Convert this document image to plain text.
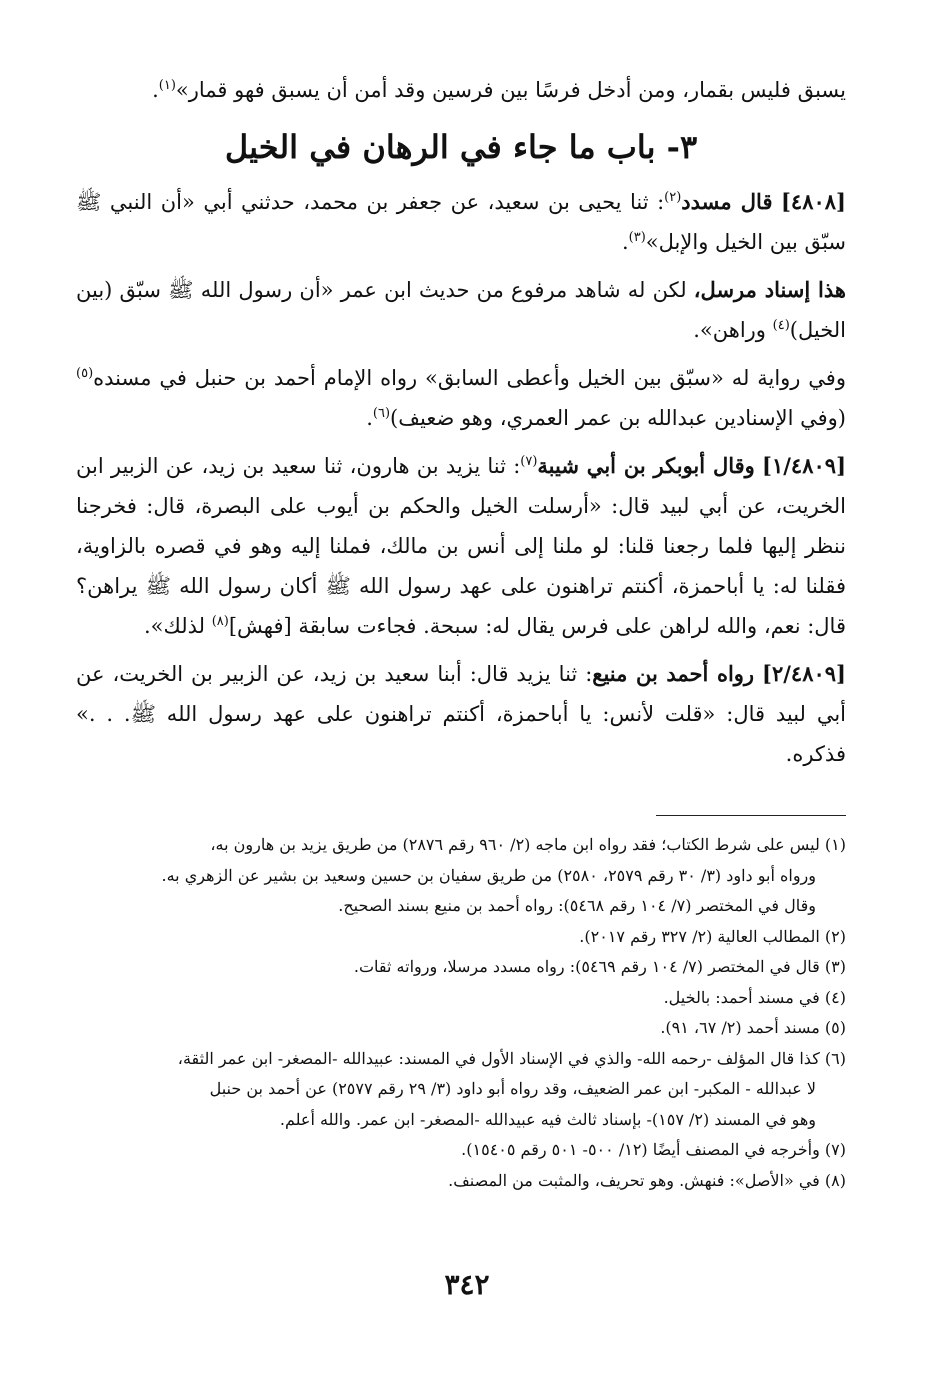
يسبق فليس بقمار، ومن أدخل فرسًا بين فرسين وقد أمن أن يسبق فهو قمار»$^{(١)}$.

٣- باب ما جاء في الرهان في الخيل

[٤٨٠٨] قال مسدد$^{(٢)}$: ثنا يحيى بن سعيد، عن جعفر بن محمد، حدثني أبي «أن النبي ﷺ سبّق بين الخيل والإبل»$^{(٣)}$.

هذا إسناد مرسل، لكن له شاهد مرفوع من حديث ابن عمر «أن رسول الله ﷺ سبّق (بين الخيل)$^{(٤)}$ وراهن».

وفي رواية له «سبّق بين الخيل وأعطى السابق» رواه الإمام أحمد بن حنبل في مسنده$^{(٥)}$ (وفي الإسنادين عبدالله بن عمر العمري، وهو ضعيف)$^{(٦)}$.

[١/٤٨٠٩] وقال أبوبكر بن أبي شيبة$^{(٧)}$: ثنا يزيد بن هارون، ثنا سعيد بن زيد، عن الزبير ابن الخريت، عن أبي لبيد قال: «أرسلت الخيل والحكم بن أيوب على البصرة، قال: فخرجنا ننظر إليها فلما رجعنا قلنا: لو ملنا إلى أنس بن مالك، فملنا إليه وهو في قصره بالزاوية، فقلنا له: يا أباحمزة، أكنتم تراهنون على عهد رسول الله ﷺ أكان رسول الله ﷺ يراهن؟ قال: نعم، والله لراهن على فرس يقال له: سبحة. فجاءت سابقة [فهش]$^{(٨)}$ لذلك».

[٢/٤٨٠٩] رواه أحمد بن منيع: ثنا يزيد قال: أبنا سعيد بن زيد، عن الزبير بن الخريت، عن أبي لبيد قال: «قلت لأنس: يا أباحمزة، أكنتم تراهنون على عهد رسول الله ﷺ. . .» فذكره.

(١) ليس على شرط الكتاب؛ فقد رواه ابن ماجه (٢/ ٩٦٠ رقم ٢٨٧٦) من طريق يزيد بن هارون به،

ورواه أبو داود (٣/ ٣٠ رقم ٢٥٧٩، ٢٥٨٠) من طريق سفيان بن حسين وسعيد بن بشير عن الزهري به.

وقال في المختصر (٧/ ١٠٤ رقم ٥٤٦٨): رواه أحمد بن منيع بسند الصحيح.

(٢) المطالب العالية (٢/ ٣٢٧ رقم ٢٠١٧).

(٣) قال في المختصر (٧/ ١٠٤ رقم ٥٤٦٩): رواه مسدد مرسلا، ورواته ثقات.

(٤) في مسند أحمد: بالخيل.

(٥) مسند أحمد (٢/ ٦٧، ٩١).

(٦) كذا قال المؤلف -رحمه الله- والذي في الإسناد الأول في المسند: عبيدالله -المصغر- ابن عمر الثقة،

لا عبدالله - المكبر- ابن عمر الضعيف، وقد رواه أبو داود (٣/ ٢٩ رقم ٢٥٧٧) عن أحمد بن حنبل

وهو في المسند (٢/ ١٥٧)- بإسناد ثالث فيه عبيدالله -المصغر- ابن عمر. والله أعلم.

(٧) وأخرجه في المصنف أيضًا (١٢/ ٥٠٠- ٥٠١ رقم ١٥٤٠٥).

(٨) في «الأصل»: فنهش. وهو تحريف، والمثبت من المصنف.

٣٤٢
